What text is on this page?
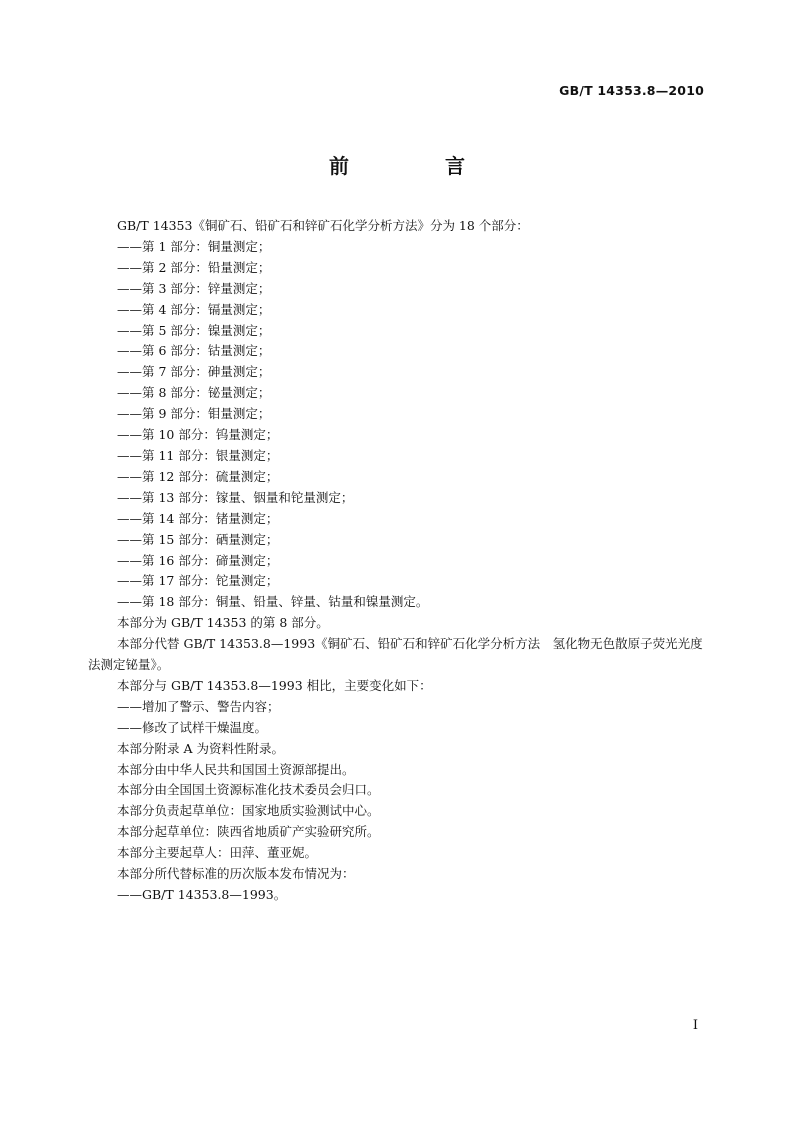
GB/T 14353.8—2010
前　言

GB/T 14353《铜矿石、铅矿石和锌矿石化学分析方法》分为 18 个部分：

——第 1 部分：铜量测定；

——第 2 部分：铅量测定；

——第 3 部分：锌量测定；

——第 4 部分：镉量测定；

——第 5 部分：镍量测定；

——第 6 部分：钴量测定；

——第 7 部分：砷量测定；

——第 8 部分：铋量测定；

——第 9 部分：钼量测定；

——第 10 部分：钨量测定；

——第 11 部分：银量测定；

——第 12 部分：硫量测定；

——第 13 部分：镓量、铟量和铊量测定；

——第 14 部分：锗量测定；

——第 15 部分：硒量测定；

——第 16 部分：碲量测定；

——第 17 部分：铊量测定；

——第 18 部分：铜量、铅量、锌量、钴量和镍量测定。

本部分为 GB/T 14353 的第 8 部分。

本部分代替 GB/T 14353.8—1993《铜矿石、铅矿石和锌矿石化学分析方法　氢化物无色散原子荧光光度法测定铋量》。

本部分与 GB/T 14353.8—1993 相比，主要变化如下：

——增加了警示、警告内容；

——修改了试样干燥温度。

本部分附录 A 为资料性附录。

本部分由中华人民共和国国土资源部提出。

本部分由全国国土资源标准化技术委员会归口。

本部分负责起草单位：国家地质实验测试中心。

本部分起草单位：陕西省地质矿产实验研究所。

本部分主要起草人：田萍、董亚妮。

本部分所代替标准的历次版本发布情况为：

——GB/T 14353.8—1993。

I
